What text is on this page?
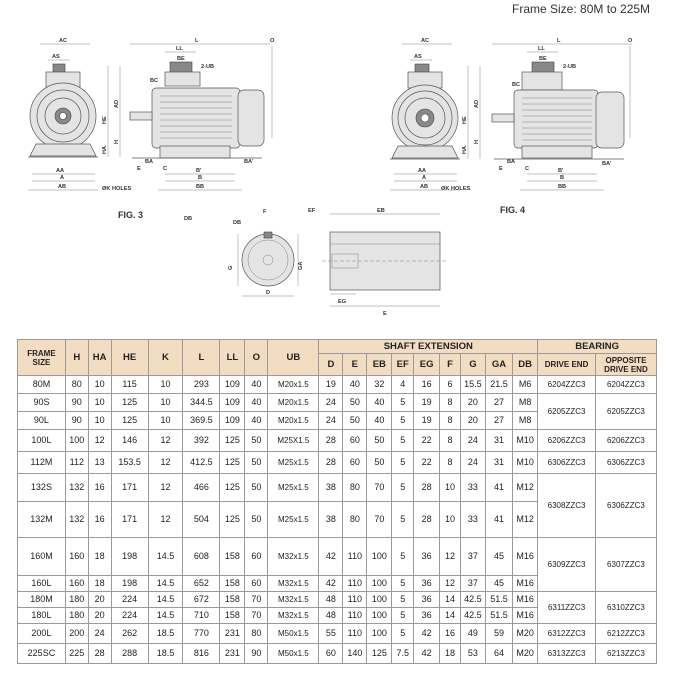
Frame Size: 80M to 225M
AC
AS
L	O
LL
BE
2-UB
BC
HE
AD
HA
H
AA
A
AB	ØK HOLES
E
BA
C	B'
B
BB
BA'
FIG. 3
AC
AS
L	O
LL
BE
2-UB
BC
HE
AD
HA
H
AA
A
AB ØK HOLES
E
BA
C	B'
B
BB
BA'
FIG. 4
DB
DB
F
G	GA
D
EF	EB
EG
E
FRAME SIZE	H	HA	HE	K	L	LL	O	UB	SHAFT EXTENSION									BEARING	
									D	E	EB	EF	EG	F	G	GA	DB	DRIVE END	OPPOSITE DRIVE END
80M	80	10	115	10	293	109	40	M20x1.5	19	40	32	4	16	6	15.5	21.5	M6	6204ZZC3	6204ZZC3
90S	90	10	125	10	344.5	109	40	M20x1.5	24	50	40	5	19	8	20	27	M8	6205ZZC3	6205ZZC3
90L	90	10	125	10	369.5	109	40	M20x1.5	24	50	40	5	19	8	20	27	M8		
100L	100	12	146	12	392	125	50	M25X1.5	28	60	50	5	22	8	24	31	M10	6206ZZC3	6206ZZC3
112M	112	13	153.5	12	412.5	125	50	M25x1.5	28	60	50	5	22	8	24	31	M10	6306ZZC3	6306ZZC3
132S	132	16	171	12	466	125	50	M25x1.5	38	80	70	5	28	10	33	41	M12	6308ZZC3	6306ZZC3
132M	132	16	171	12	504	125	50	M25x1.5	38	80	70	5	28	10	33	41	M12		
160M	160	18	198	14.5	608	158	60	M32x1.5	42	110	100	5	36	12	37	45	M16	6309ZZC3	6307ZZC3
160L	160	18	198	14.5	652	158	60	M32x1.5	42	110	100	5	36	12	37	45	M16		
180M	180	20	224	14.5	672	158	70	M32x1.5	48	110	100	5	36	14	42.5	51.5	M16	6311ZZC3	6310ZZC3
180L	180	20	224	14.5	710	158	70	M32x1.5	48	110	100	5	36	14	42.5	51.5	M16		
200L	200	24	262	18.5	770	231	80	M50x1.5	55	110	100	5	42	16	49	59	M20	6312ZZC3	6212ZZC3
225SC	225	28	288	18.5	816	231	90	M50x1.5	60	140	125	7.5	42	18	53	64	M20	6313ZZC3	6213ZZC3
